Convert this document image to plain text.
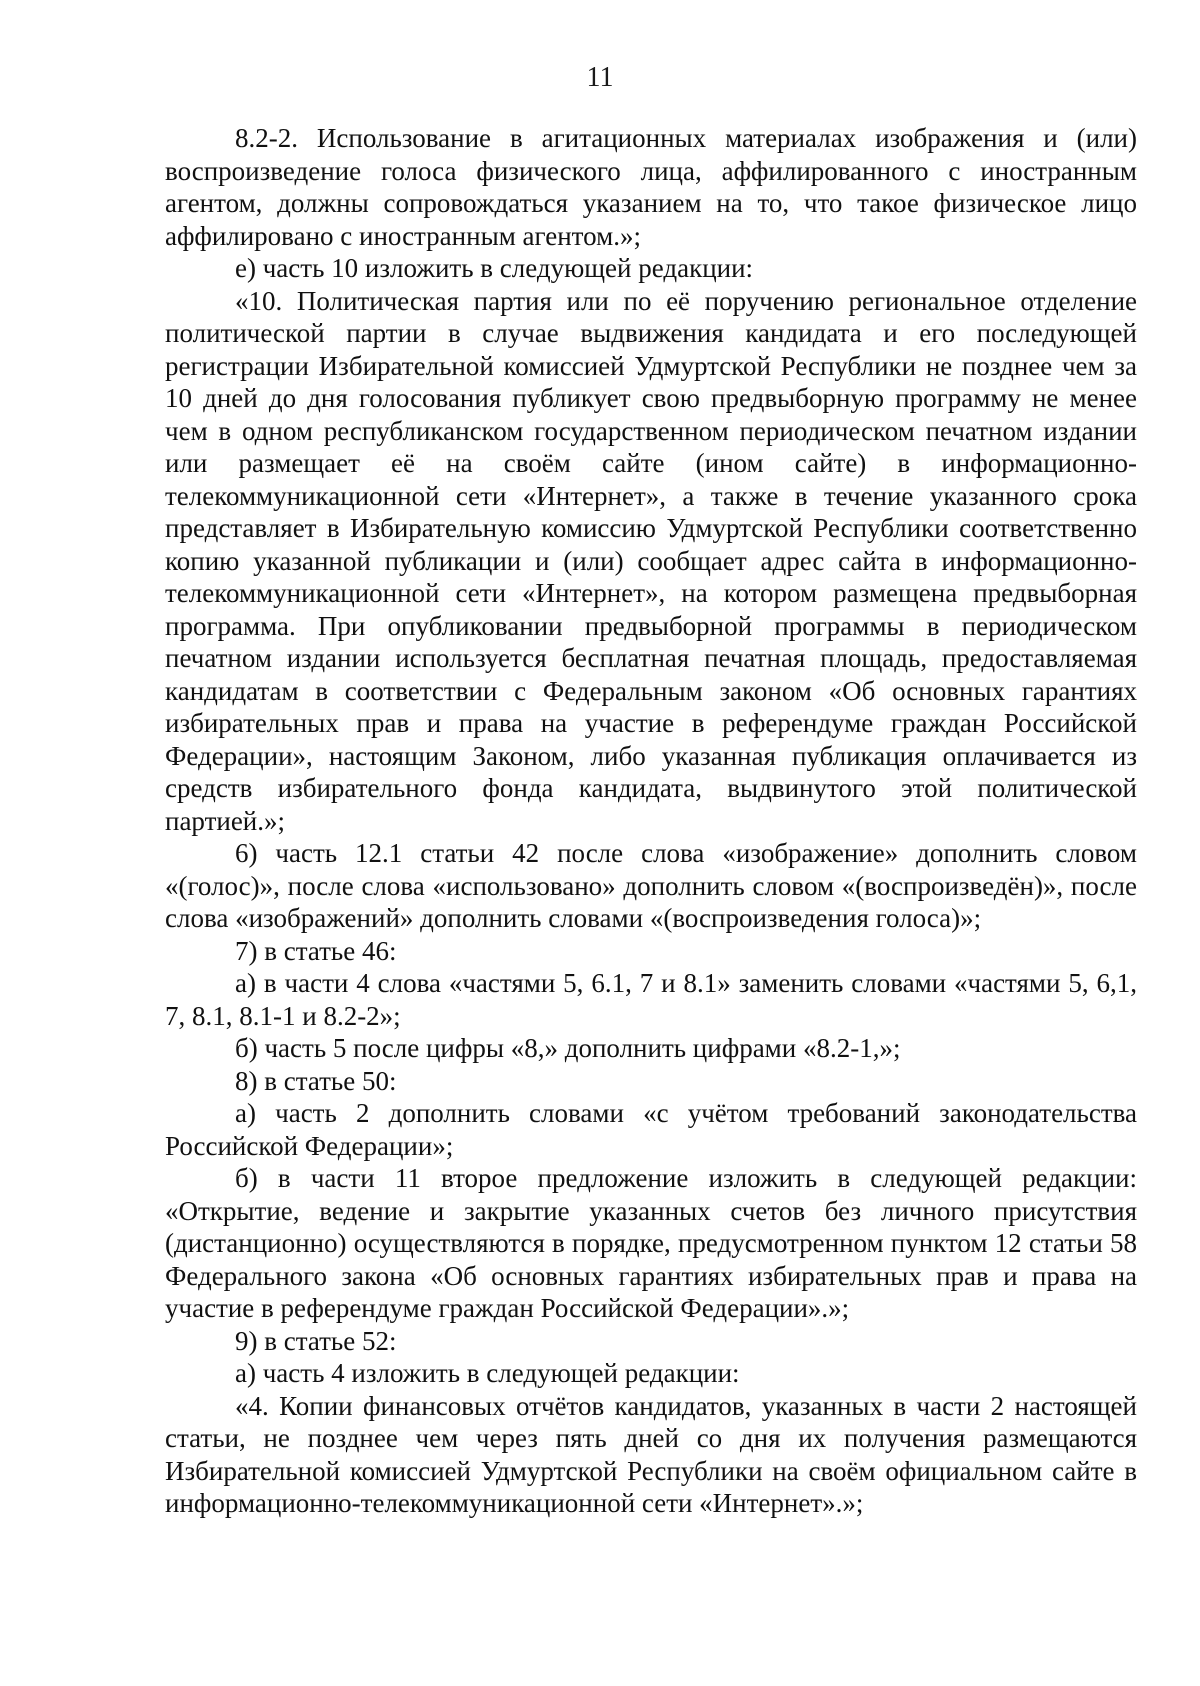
11

8.2-2. Использование в агитационных материалах изображения и (или) воспроизведение голоса физического лица, аффилированного с иностранным агентом, должны сопровождаться указанием на то, что такое физическое лицо аффилировано с иностранным агентом.»;

е) часть 10 изложить в следующей редакции:

«10. Политическая партия или по её поручению региональное отделение политической партии в случае выдвижения кандидата и его последующей регистрации Избирательной комиссией Удмуртской Республики не позднее чем за 10 дней до дня голосования публикует свою предвыборную программу не менее чем в одном республиканском государственном периодическом печатном издании или размещает её на своём сайте (ином сайте) в информационно-телекоммуникационной сети «Интернет», а также в течение указанного срока представляет в Избирательную комиссию Удмуртской Республики соответственно копию указанной публикации и (или) сообщает адрес сайта в информационно-телекоммуникационной сети «Интернет», на котором размещена предвыборная программа. При опубликовании предвыборной программы в периодическом печатном издании используется бесплатная печатная площадь, предоставляемая кандидатам в соответствии с Федеральным законом «Об основных гарантиях избирательных прав и права на участие в референдуме граждан Российской Федерации», настоящим Законом, либо указанная публикация оплачивается из средств избирательного фонда кандидата, выдвинутого этой политической партией.»;

6) часть 12.1 статьи 42 после слова «изображение» дополнить словом «(голос)», после слова «использовано» дополнить словом «(воспроизведён)», после слова «изображений» дополнить словами «(воспроизведения голоса)»;

7) в статье 46:

а) в части 4 слова «частями 5, 6.1, 7 и 8.1» заменить словами «частями 5, 6,1, 7, 8.1, 8.1-1 и 8.2-2»;

б) часть 5 после цифры «8,» дополнить цифрами «8.2-1,»;

8) в статье 50:

а) часть 2 дополнить словами «с учётом требований законодательства Российской Федерации»;

б) в части 11 второе предложение изложить в следующей редакции: «Открытие, ведение и закрытие указанных счетов без личного присутствия (дистанционно) осуществляются в порядке, предусмотренном пунктом 12 статьи 58 Федерального закона «Об основных гарантиях избирательных прав и права на участие в референдуме граждан Российской Федерации».»;

9) в статье 52:

а) часть 4 изложить в следующей редакции:

«4. Копии финансовых отчётов кандидатов, указанных в части 2 настоящей статьи, не позднее чем через пять дней со дня их получения размещаются Избирательной комиссией Удмуртской Республики на своём официальном сайте в информационно-телекоммуникационной сети «Интернет».»;
